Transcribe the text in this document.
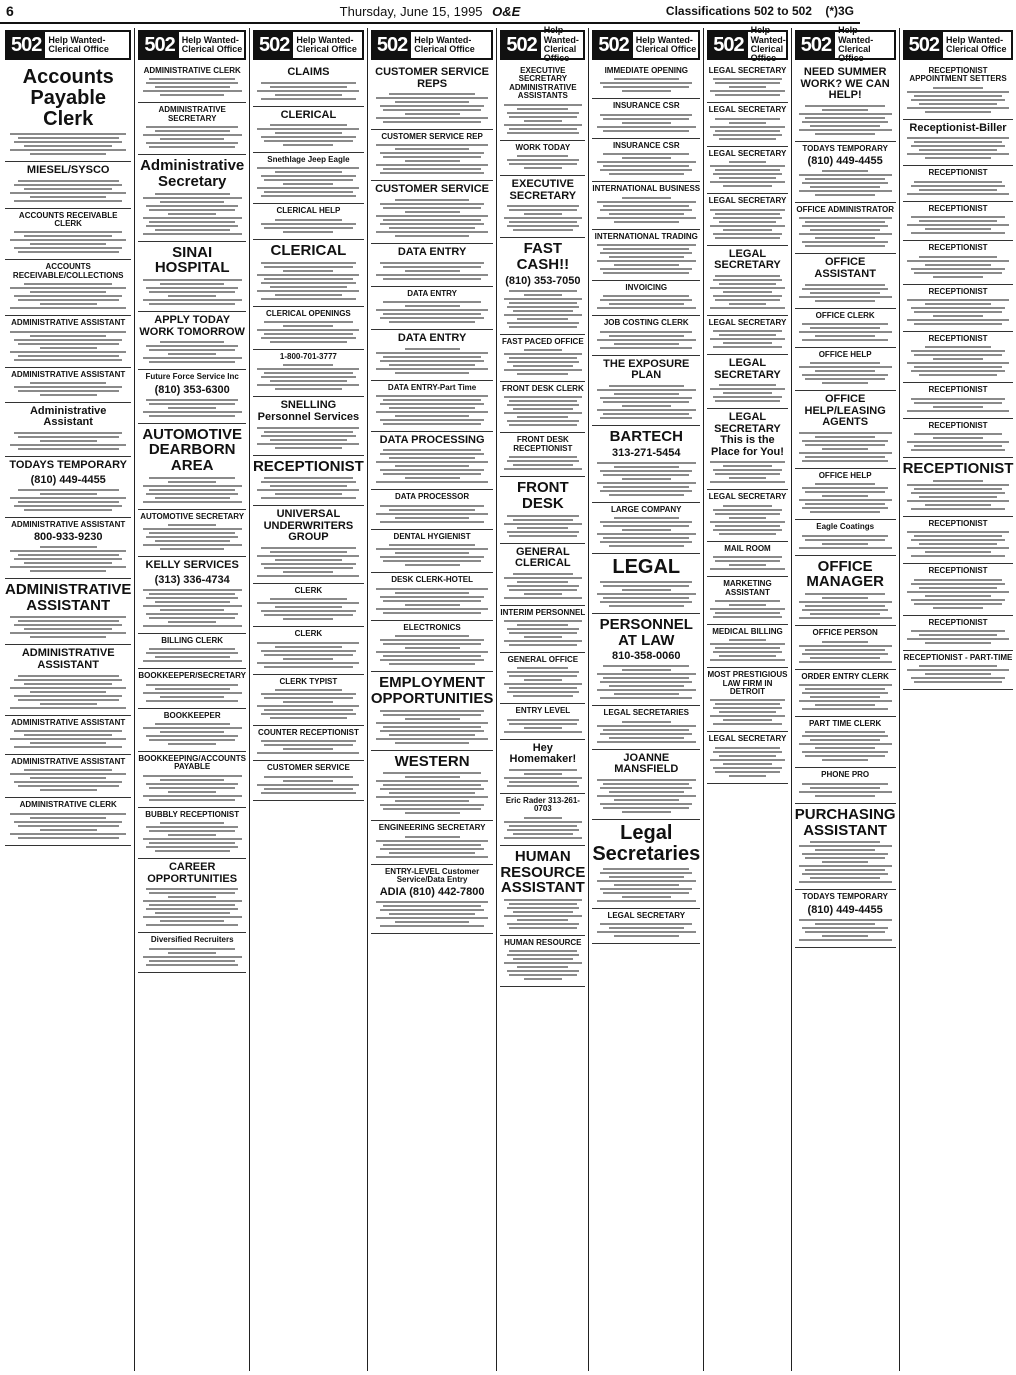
6	Thursday, June 15, 1995 O&E	Classifications 502 to 502 (*)3G
502 Help Wanted-
Clerical Office
Accounts Payable Clerk
MIESEL/SYSCO
ACCOUNTS RECEIVABLE CLERK
ACCOUNTS RECEIVABLE/COLLECTIONS
ADMINISTRATIVE ASSISTANT
ADMINISTRATIVE ASSISTANT
Administrative Assistant
TODAYS TEMPORARY
(810) 449-4455
ADMINISTRATIVE ASSISTANT
800-933-9230
ADMINISTRATIVE ASSISTANT
ADMINISTRATIVE ASSISTANT
ADMINISTRATIVE ASSISTANT
ADMINISTRATIVE ASSISTANT
ADMINISTRATIVE CLERK
502 Help Wanted-
Clerical Office
ADMINISTRATIVE CLERK
ADMINISTRATIVE SECRETARY
Administrative Secretary
SINAI HOSPITAL
APPLY TODAY WORK TOMORROW
Future Force Service Inc
(810) 353-6300
AUTOMOTIVE DEARBORN AREA
AUTOMOTIVE SECRETARY
KELLY SERVICES
(313) 336-4734
BILLING CLERK
BOOKKEEPER/SECRETARY
BOOKKEEPER
BOOKKEEPING/ACCOUNTS PAYABLE
BUBBLY RECEPTIONIST
CAREER OPPORTUNITIES
Diversified Recruiters
502 Help Wanted-
Clerical Office
CLAIMS
CLERICAL
Snethlage Jeep Eagle
CLERICAL HELP
CLERICAL
CLERICAL OPENINGS
1-800-701-3777
SNELLING Personnel Services
RECEPTIONIST
UNIVERSAL UNDERWRITERS GROUP
CLERK
CLERK
CLERK TYPIST
COUNTER RECEPTIONIST
CUSTOMER SERVICE
502 Help Wanted-
Clerical Office
CUSTOMER SERVICE REPS
CUSTOMER SERVICE REP
CUSTOMER SERVICE
DATA ENTRY
DATA ENTRY
DATA ENTRY
DATA ENTRY-Part Time
DATA PROCESSING
DATA PROCESSOR
DENTAL HYGIENIST
DESK CLERK-HOTEL
ELECTRONICS
EMPLOYMENT OPPORTUNITIES
WESTERN
ENGINEERING SECRETARY
ENTRY-LEVEL Customer Service/Data Entry
ADIA (810) 442-7800
502
Help Wanted-
Clerical Office
EXECUTIVE SECRETARY ADMINISTRATIVE ASSISTANTS
WORK TODAY
EXECUTIVE SECRETARY
FAST CASH!!
(810) 353-7050
FAST PACED OFFICE
FRONT DESK CLERK
FRONT DESK RECEPTIONIST
FRONT DESK
GENERAL CLERICAL
INTERIM PERSONNEL
GENERAL OFFICE
ENTRY LEVEL
Hey Homemaker!
Eric Rader 313-261-0703
HUMAN RESOURCE ASSISTANT
HUMAN RESOURCE
502 Help Wanted-
Clerical Office
IMMEDIATE OPENING
INSURANCE CSR
INSURANCE CSR
INTERNATIONAL BUSINESS
INTERNATIONAL TRADING
INVOICING
JOB COSTING CLERK
THE EXPOSURE PLAN
BARTECH
313-271-5454
LARGE COMPANY
LEGAL
PERSONNEL AT LAW
810-358-0060
LEGAL SECRETARIES
JOANNE MANSFIELD
Legal Secretaries
LEGAL SECRETARY
502
Help Wanted-
Clerical Office
LEGAL SECRETARY
LEGAL SECRETARY
LEGAL SECRETARY
LEGAL SECRETARY
LEGAL SECRETARY
LEGAL SECRETARY
LEGAL SECRETARY
LEGAL SECRETARY This is the Place for You!
LEGAL SECRETARY
MAIL ROOM
MARKETING ASSISTANT
MEDICAL BILLING
MOST PRESTIGIOUS LAW FIRM IN DETROIT
LEGAL SECRETARY
502
Help Wanted-
Clerical Office
NEED SUMMER WORK? WE CAN HELP!
TODAYS TEMPORARY
(810) 449-4455
OFFICE ADMINISTRATOR
OFFICE ASSISTANT
OFFICE CLERK
OFFICE HELP
OFFICE HELP/LEASING AGENTS
OFFICE HELP
Eagle Coatings
OFFICE MANAGER
OFFICE PERSON
ORDER ENTRY CLERK
PART TIME CLERK
PHONE PRO
PURCHASING ASSISTANT
TODAYS TEMPORARY
(810) 449-4455
502 Help Wanted-
Clerical Office
RECEPTIONIST APPOINTMENT SETTERS
Receptionist-Biller
RECEPTIONIST
RECEPTIONIST
RECEPTIONIST
RECEPTIONIST
RECEPTIONIST
RECEPTIONIST
RECEPTIONIST
RECEPTIONIST
RECEPTIONIST
RECEPTIONIST
RECEPTIONIST
RECEPTIONIST - PART-TIME
